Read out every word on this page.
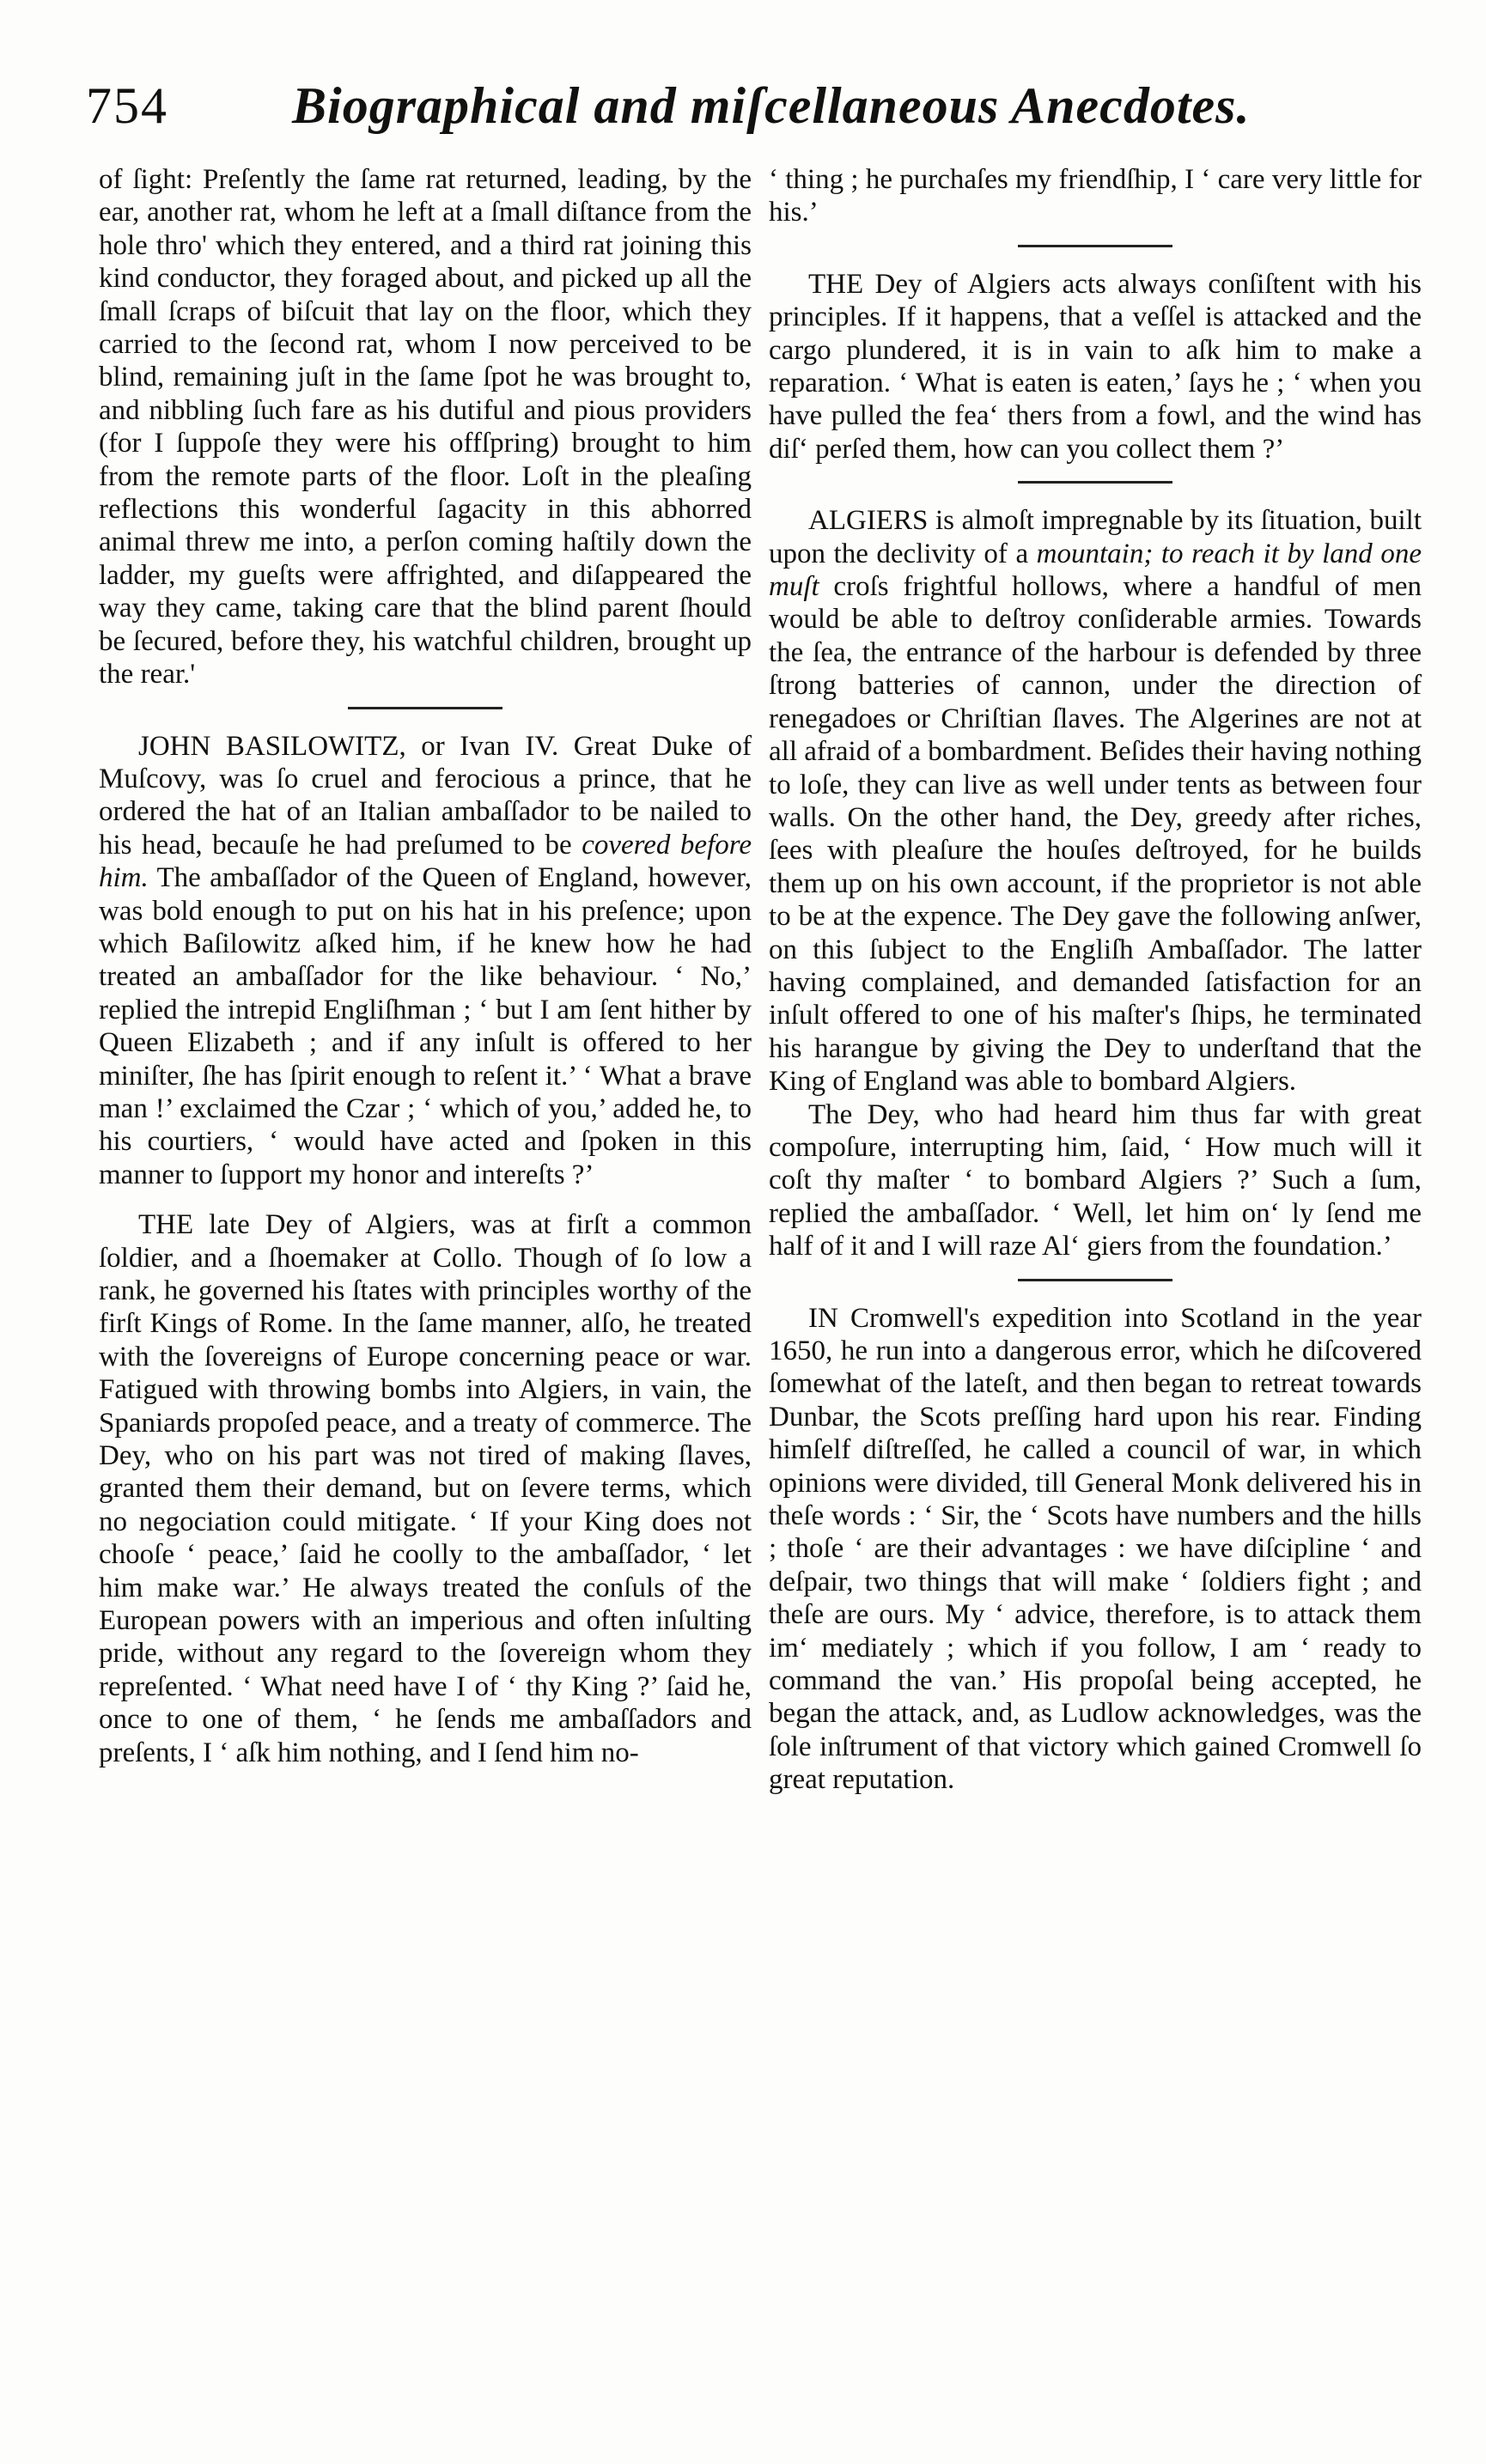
754 Biographical and miſcellaneous Anecdotes.

of ſight: Preſently the ſame rat returned, leading, by the ear, another rat, whom he left at a ſmall diſtance from the hole thro' which they entered, and a third rat joining this kind conductor, they foraged about, and picked up all the ſmall ſcraps of biſcuit that lay on the floor, which they carried to the ſecond rat, whom I now perceived to be blind, remaining juſt in the ſame ſpot he was brought to, and nibbling ſuch fare as his dutiful and pious providers (for I ſuppoſe they were his offſpring) brought to him from the remote parts of the floor. Loſt in the pleaſing reflections this wonderful ſagacity in this abhorred animal threw me into, a perſon coming haſtily down the ladder, my gueſts were affrighted, and diſappeared the way they came, taking care that the blind parent ſhould be ſecured, before they, his watchful children, brought up the rear.'

JOHN BASILOWITZ, or Ivan IV. Great Duke of Muſcovy, was ſo cruel and ferocious a prince, that he ordered the hat of an Italian ambaſſador to be nailed to his head, becauſe he had preſumed to be covered before him. The ambaſſador of the Queen of England, however, was bold enough to put on his hat in his preſence; upon which Baſilowitz aſked him, if he knew how he had treated an ambaſſador for the like behaviour. ‘ No,’ replied the intrepid Engliſhman ; ‘ but I am ſent hither by Queen Elizabeth ; and if any inſult is offered to her miniſter, ſhe has ſpirit enough to reſent it.’ ‘ What a brave man !’ exclaimed the Czar ; ‘ which of you,’ added he, to his courtiers, ‘ would have acted and ſpoken in this manner to ſupport my honor and intereſts ?’

THE late Dey of Algiers, was at firſt a common ſoldier, and a ſhoemaker at Collo. Though of ſo low a rank, he governed his ſtates with principles worthy of the firſt Kings of Rome. In the ſame manner, alſo, he treated with the ſovereigns of Europe concerning peace or war. Fatigued with throwing bombs into Algiers, in vain, the Spaniards propoſed peace, and a treaty of commerce. The Dey, who on his part was not tired of making ſlaves, granted them their demand, but on ſevere terms, which no negociation could mitigate. ‘ If your King does not chooſe ‘ peace,’ ſaid he coolly to the ambaſſador, ‘ let him make war.’ He always treated the conſuls of the European powers with an imperious and often inſulting pride, without any regard to the ſovereign whom they repreſented. ‘ What need have I of ‘ thy King ?’ ſaid he, once to one of them, ‘ he ſends me ambaſſadors and preſents, I ‘ aſk him nothing, and I ſend him no-

‘ thing ; he purchaſes my friendſhip, I ‘ care very little for his.’

THE Dey of Algiers acts always conſiſtent with his principles. If it happens, that a veſſel is attacked and the cargo plundered, it is in vain to aſk him to make a reparation. ‘ What is eaten is eaten,’ ſays he ; ‘ when you have pulled the fea‘ thers from a fowl, and the wind has diſ‘ perſed them, how can you collect them ?’

ALGIERS is almoſt impregnable by its ſituation, built upon the declivity of a mountain; to reach it by land one muſt croſs frightful hollows, where a handful of men would be able to deſtroy conſiderable armies. Towards the ſea, the entrance of the harbour is defended by three ſtrong batteries of cannon, under the direction of renegadoes or Chriſtian ſlaves. The Algerines are not at all afraid of a bombardment. Beſides their having nothing to loſe, they can live as well under tents as between four walls. On the other hand, the Dey, greedy after riches, ſees with pleaſure the houſes deſtroyed, for he builds them up on his own account, if the proprietor is not able to be at the expence. The Dey gave the following anſwer, on this ſubject to the Engliſh Ambaſſador. The latter having complained, and demanded ſatisfaction for an inſult offered to one of his maſter's ſhips, he terminated his harangue by giving the Dey to underſtand that the King of England was able to bombard Algiers.

The Dey, who had heard him thus far with great compoſure, interrupting him, ſaid, ‘ How much will it coſt thy maſter ‘ to bombard Algiers ?’ Such a ſum, replied the ambaſſador. ‘ Well, let him on‘ ly ſend me half of it and I will raze Al‘ giers from the foundation.’

IN Cromwell's expedition into Scotland in the year 1650, he run into a dangerous error, which he diſcovered ſomewhat of the lateſt, and then began to retreat towards Dunbar, the Scots preſſing hard upon his rear. Finding himſelf diſtreſſed, he called a council of war, in which opinions were divided, till General Monk delivered his in theſe words : ‘ Sir, the ‘ Scots have numbers and the hills ; thoſe ‘ are their advantages : we have diſcipline ‘ and deſpair, two things that will make ‘ ſoldiers fight ; and theſe are ours. My ‘ advice, therefore, is to attack them im‘ mediately ; which if you follow, I am ‘ ready to command the van.’ His propoſal being accepted, he began the attack, and, as Ludlow acknowledges, was the ſole inſtrument of that victory which gained Cromwell ſo great reputation.
